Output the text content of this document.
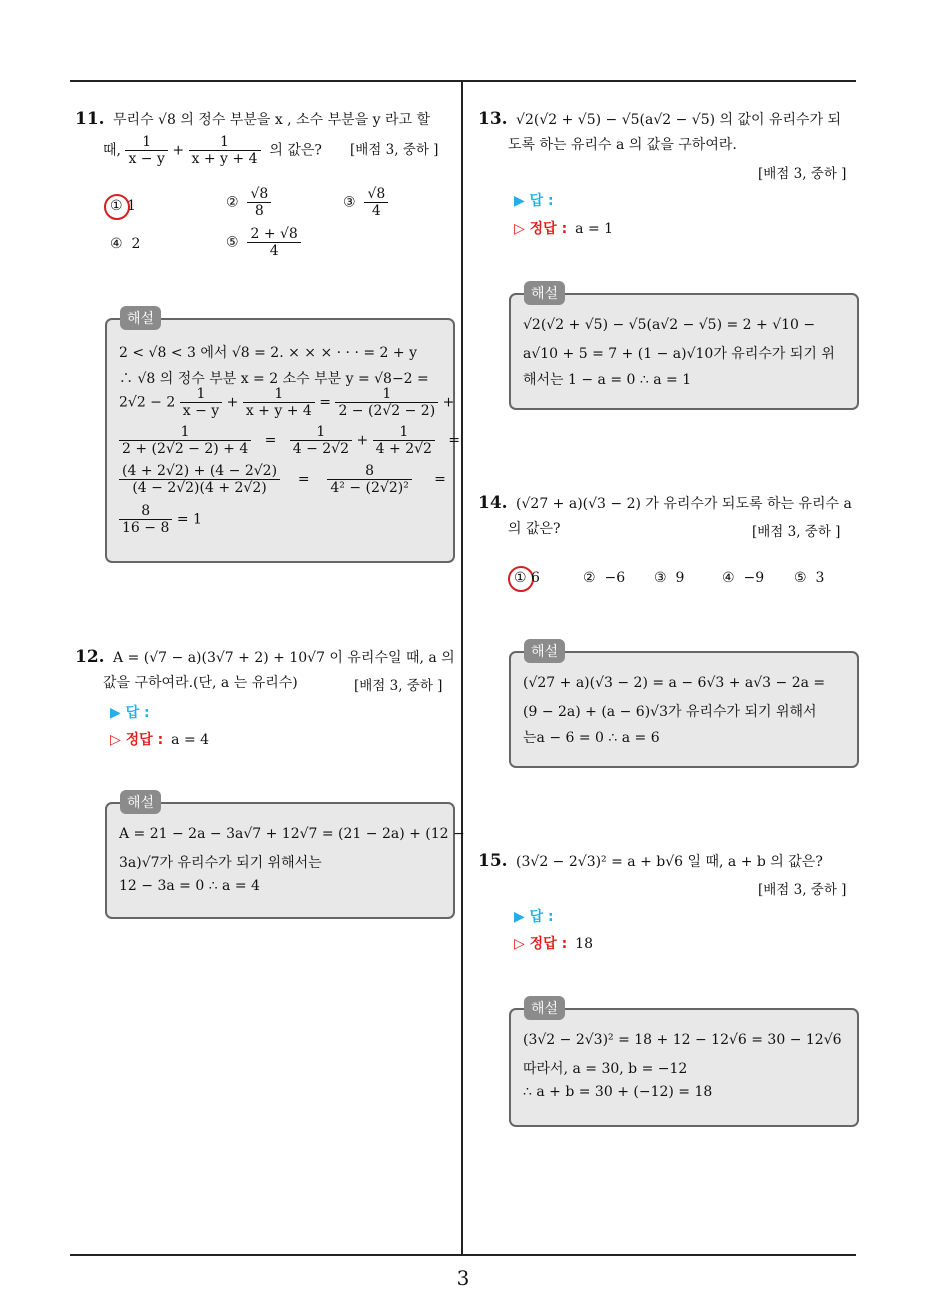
3
11. 무리수 √8 의 정수 부분을 x , 소수 부분을 y 라고 할
때, $\frac{1}{x - y} + \frac{1}{x + y + 4}$ 의 값은? [배점 3, 중하 ]
① 1	② $\frac{√8}{8}$	③ $\frac{√8}{4}$
④ 2	⑤ $\frac{2 + √8}{4}$
해설
2 < √8 < 3 에서 √8 = 2. × × × · · · = 2 + y
∴ √8 의 정수 부분 x = 2 소수 부분 y = √8−2 =
$2√2 - 2 \frac{1}{x - y} + \frac{1}{x + y + 4} = \frac{1}{2 - (2√2 - 2)}$ +
$\frac{1}{2 + (2√2 - 2) + 4} = \frac{1}{4 - 2√2} + \frac{1}{4 + 2√2}$ =
$\frac{(4 + 2√2) + (4 - 2√2)}{(4 - 2√2)(4 + 2√2)} = \frac{8}{\text{4² − (2√2)²}}$ =
$\frac{8}{16 - 8} = 1$
12. A = (√7 − a)(3√7 + 2) + 10√7 이 유리수일 때, a 의
값을 구하여라.(단, a 는 유리수)	[배점 3, 중하 ]
▶ 답 :
▷ 정답 : a = 4
해설
A = 21 − 2a − 3a√7 + 12√7 = (21 − 2a) + (12 −
3a)√7가 유리수가 되기 위해서는
12 − 3a = 0 ∴ a = 4
13. √2(√2 + √5) − √5(a√2 − √5) 의 값이 유리수가 되
도록 하는 유리수 a 의 값을 구하여라.
[배점 3, 중하 ]
▶ 답 :
▷ 정답 : a = 1
해설
√2(√2 + √5) − √5(a√2 − √5) = 2 + √10 −
a√10 + 5 = 7 + (1 − a)√10가 유리수가 되기 위
해서는 1 − a = 0 ∴ a = 1
14. (√27 + a)(√3 − 2) 가 유리수가 되도록 하는 유리수 a
의 값은?	[배점 3, 중하 ]
① 6	② −6 ③ 9	④ −9 ⑤ 3
해설
(√27 + a)(√3 − 2) = a − 6√3 + a√3 − 2a =
(9 − 2a) + (a − 6)√3가 유리수가 되기 위해서
는a − 6 = 0 ∴ a = 6
15. (3√2 − 2√3)² = a + b√6 일 때, a + b 의 값은?
[배점 3, 중하 ]
▶ 답 :
▷ 정답 : 18
해설
(3√2 − 2√3)² = 18 + 12 − 12√6 = 30 − 12√6
따라서, a = 30, b = −12
∴ a + b = 30 + (−12) = 18
